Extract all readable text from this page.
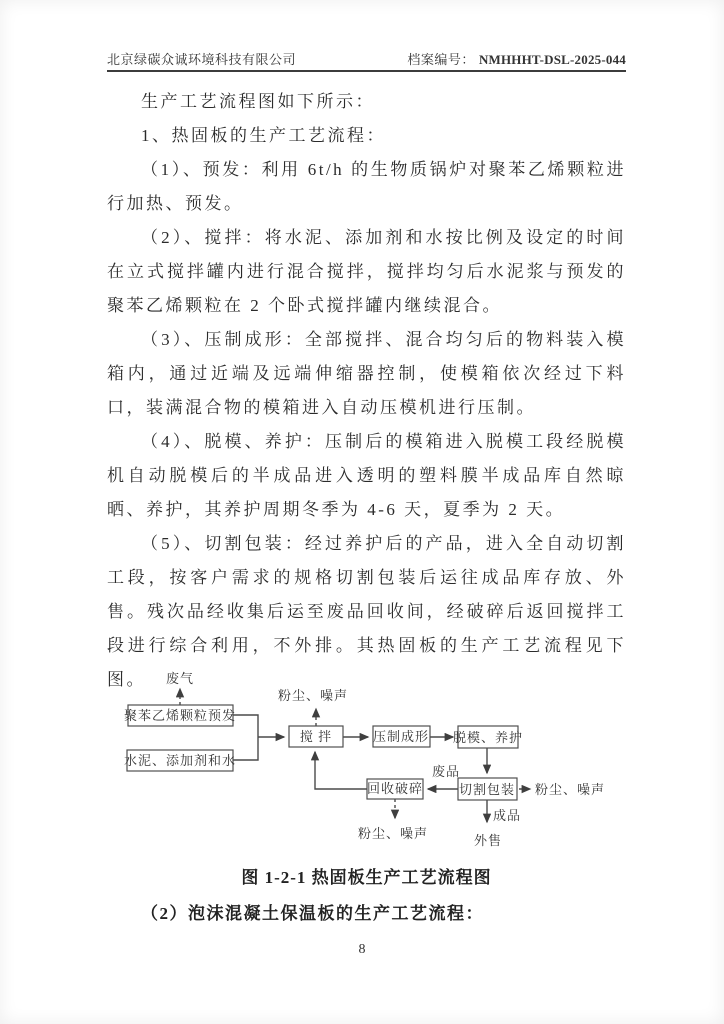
北京绿碳众诚环境科技有限公司	档案编号： NMHHHT-DSL-2025-044

生产工艺流程图如下所示：

1、热固板的生产工艺流程：

（1）、预发：利用 6t/h 的生物质锅炉对聚苯乙烯颗粒进行加热、预发。

（2）、搅拌：将水泥、添加剂和水按比例及设定的时间在立式搅拌罐内进行混合搅拌，搅拌均匀后水泥浆与预发的聚苯乙烯颗粒在 2 个卧式搅拌罐内继续混合。

（3）、压制成形：全部搅拌、混合均匀后的物料装入模箱内，通过近端及远端伸缩器控制，使模箱依次经过下料口，装满混合物的模箱进入自动压模机进行压制。

（4）、脱模、养护：压制后的模箱进入脱模工段经脱模机自动脱模后的半成品进入透明的塑料膜半成品库自然晾晒、养护，其养护周期冬季为 4-6 天，夏季为 2 天。

（5）、切割包装：经过养护后的产品，进入全自动切割工段，按客户需求的规格切割包装后运往成品库存放、外售。残次品经收集后运至废品回收间，经破碎后返回搅拌工段进行综合利用，不外排。其热固板的生产工艺流程见下图。

聚苯乙烯颗粒预发
水泥、添加剂和水
搅 拌	压制成形 脱模、养护
切割包装
回收破碎
废气
粉尘、噪声
废品
粉尘、噪声
成品
外售
粉尘、噪声
图 1-2-1 热固板生产工艺流程图
（2）泡沫混凝土保温板的生产工艺流程：
8
